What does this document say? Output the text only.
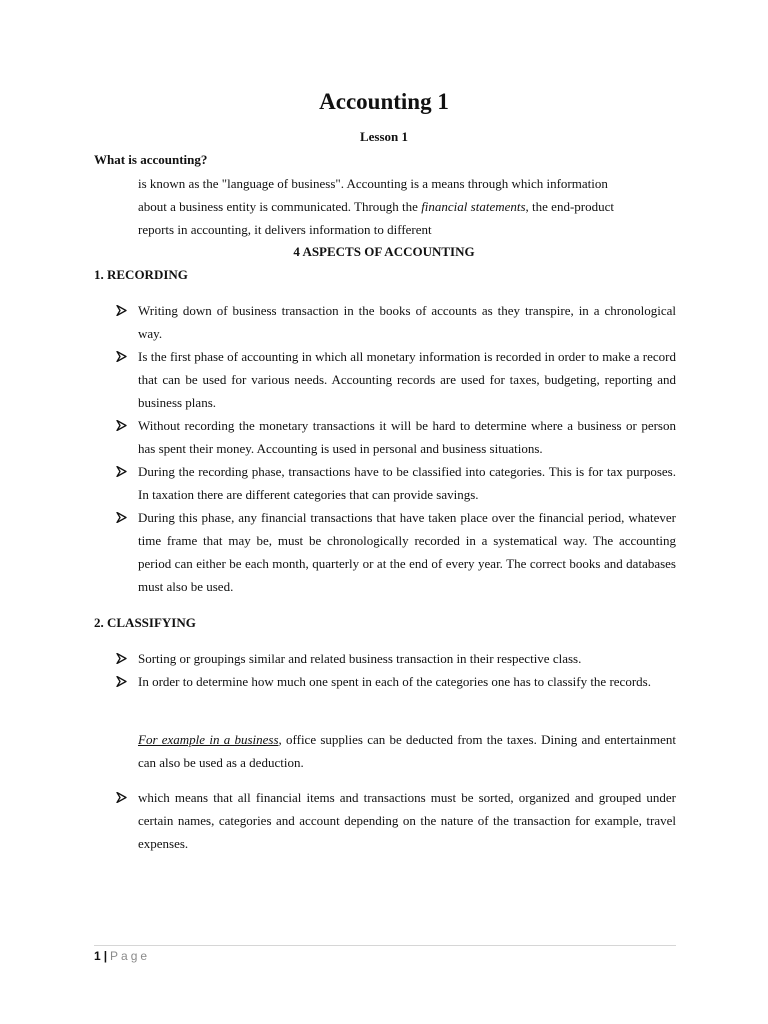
Accounting 1
Lesson 1
What is accounting?
is known as the "language of business". Accounting is a means through which information
about a business entity is communicated. Through the financial statements, the end-product
reports in accounting, it delivers information to different
4 ASPECTS OF ACCOUNTING
1. RECORDING
Writing down of business transaction in the books of accounts as they transpire, in a chronological way.
Is the first phase of accounting in which all monetary information is recorded in order to make a record that can be used for various needs. Accounting records are used for taxes, budgeting, reporting and business plans.
Without recording the monetary transactions it will be hard to determine where a business or person has spent their money. Accounting is used in personal and business situations.
During the recording phase, transactions have to be classified into categories. This is for tax purposes. In taxation there are different categories that can provide savings.
During this phase, any financial transactions that have taken place over the financial period, whatever time frame that may be, must be chronologically recorded in a systematical way. The accounting period can either be each month, quarterly or at the end of every year. The correct books and databases must also be used.
2. CLASSIFYING
Sorting or groupings similar and related business transaction in their respective class.
In order to determine how much one spent in each of the categories one has to classify the records.
For example in a business, office supplies can be deducted from the taxes. Dining and entertainment can also be used as a deduction.
which means that all financial items and transactions must be sorted, organized and grouped under certain names, categories and account depending on the nature of the transaction for example, travel expenses.
1 | Page
